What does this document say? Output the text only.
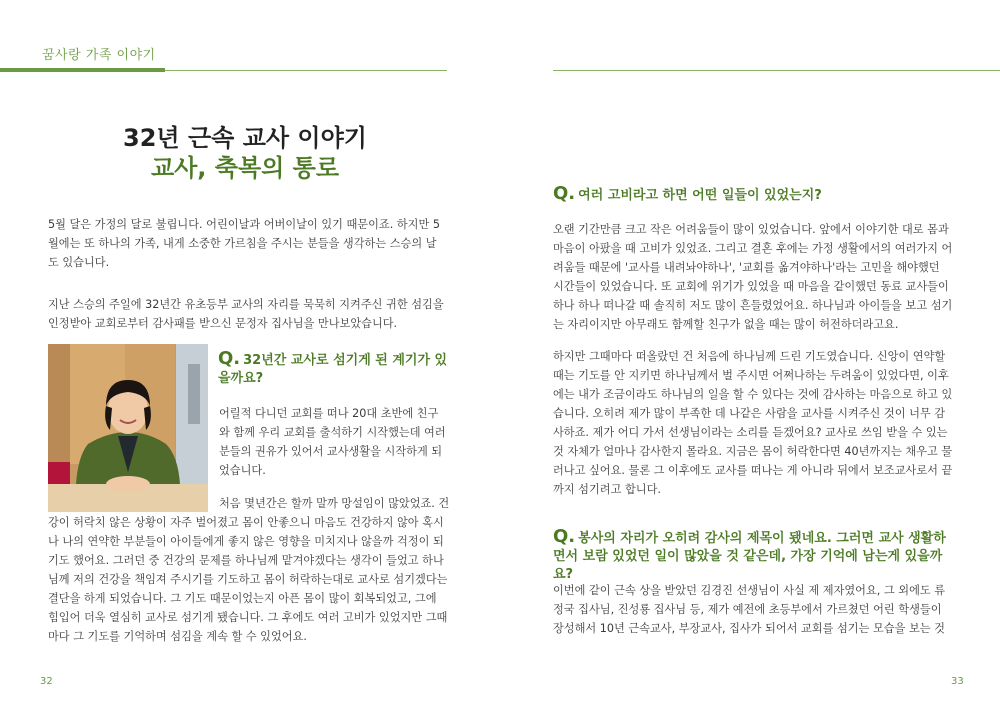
꿈사랑 가족 이야기
32년 근속 교사 이야기
교사, 축복의 통로

5월 달은 가정의 달로 불립니다. 어린이날과 어버이날이 있기 때문이죠. 하지만 5월에는 또 하나의 가족, 내게 소중한 가르침을 주시는 분들을 생각하는 스승의 날도 있습니다.

지난 스승의 주일에 32년간 유초등부 교사의 자리를 묵묵히 지켜주신 귀한 섬김을 인정받아 교회로부터 감사패를 받으신 문정자 집사님을 만나보았습니다.

Q. 32년간 교사로 섬기게 된 계기가 있을까요?

어릴적 다니던 교회를 떠나 20대 초반에 친구와 함께 우리 교회를 출석하기 시작했는데 여러 분들의 권유가 있어서 교사생활을 시작하게 되었습니다.

처음 몇년간은 할까 말까 망설임이 많았었죠. 건

강이 허락치 않은 상황이 자주 벌어졌고 몸이 안좋으니 마음도 건강하지 않아 혹시나 나의 연약한 부분들이 아이들에게 좋지 않은 영향을 미치지나 않을까 걱정이 되기도 했어요. 그러던 중 건강의 문제를 하나님께 맡겨야겠다는 생각이 들었고 하나님께 저의 건강을 책임져 주시기를 기도하고 몸이 허락하는대로 교사로 섬기겠다는 결단을 하게 되었습니다. 그 기도 때문이었는지 아픈 몸이 많이 회복되었고, 그에 힘입어 더욱 열심히 교사로 섬기게 됐습니다. 그 후에도 여러 고비가 있었지만 그때마다 그 기도를 기억하며 섬김을 계속 할 수 있었어요.

32
Q. 여러 고비라고 하면 어떤 일들이 있었는지?

오랜 기간만큼 크고 작은 어려움들이 많이 있었습니다. 앞에서 이야기한 대로 몸과 마음이 아팠을 때 고비가 있었죠. 그리고 결혼 후에는 가정 생활에서의 여러가지 어려움들 때문에 '교사를 내려놔야하나', '교회를 옮겨야하나'라는 고민을 해야했던 시간들이 있었습니다. 또 교회에 위기가 있었을 때 마음을 같이했던 동료 교사들이 하나 하나 떠나갈 때 솔직히 저도 많이 흔들렸었어요. 하나님과 아이들을 보고 섬기는 자리이지만 아무래도 함께할 친구가 없을 때는 많이 허전하더라고요.

하지만 그때마다 떠올랐던 건 처음에 하나님께 드린 기도였습니다. 신앙이 연약할 때는 기도를 안 지키면 하나님께서 벌 주시면 어쩌나하는 두려움이 있었다면, 이후에는 내가 조금이라도 하나님의 일을 할 수 있다는 것에 감사하는 마음으로 하고 있습니다. 오히려 제가 많이 부족한 데 나같은 사람을 교사를 시켜주신 것이 너무 감사하죠. 제가 어디 가서 선생님이라는 소리를 듣겠어요? 교사로 쓰임 받을 수 있는 것 자체가 얼마나 감사한지 몰라요. 지금은 몸이 허락한다면 40년까지는 채우고 물러나고 싶어요. 물론 그 이후에도 교사를 떠나는 게 아니라 뒤에서 보조교사로서 끝까지 섬기려고 합니다.

Q. 봉사의 자리가 오히려 감사의 제목이 됐네요. 그러면 교사 생활하면서 보람 있었던 일이 많았을 것 같은데, 가장 기억에 남는게 있을까요?

이번에 같이 근속 상을 받았던 김경진 선생님이 사실 제 제자였어요, 그 외에도 류정국 집사님, 진성룡 집사님 등, 제가 예전에 초등부에서 가르쳤던 어린 학생들이 장성해서 10년 근속교사, 부장교사, 집사가 되어서 교회를 섬기는 모습을 보는 것

33
